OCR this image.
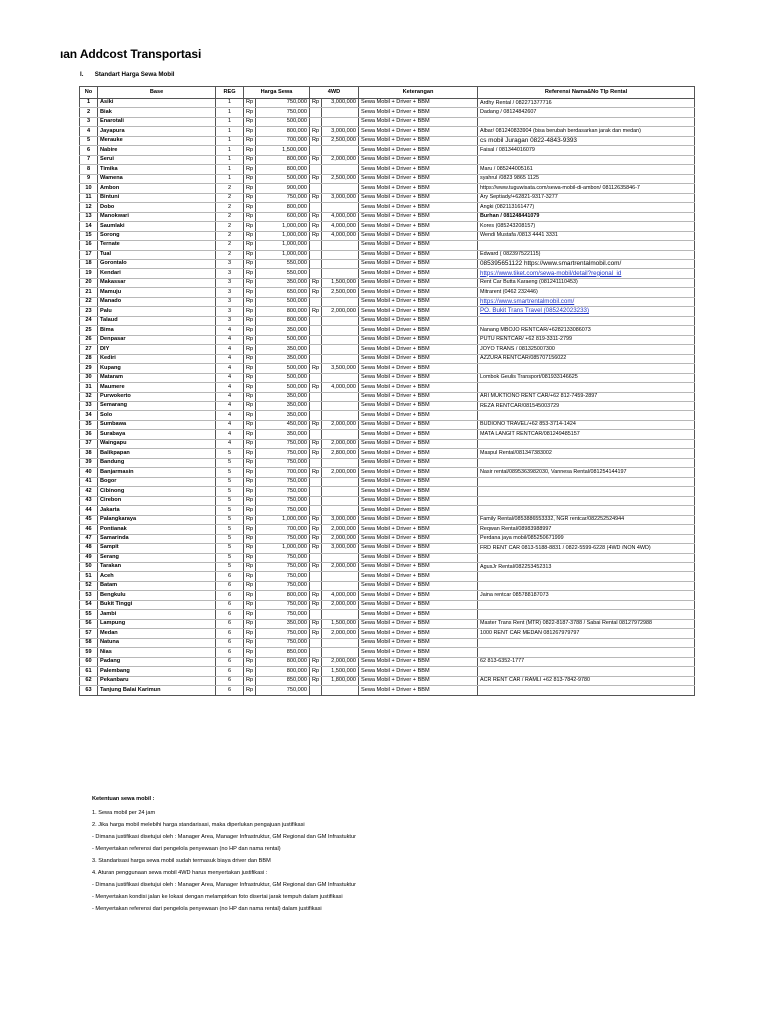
ıan Addcost Transportasi
I. Standart Harga Sewa Mobil
No	Base	REG	Harga Sewa		4WD		Keterangan	Referensi Nama&No Tlp Rental
1	Asiki	1	Rp	750,000	Rp	3,000,000	Sewa Mobil + Driver + BBM	Ardhy Rental / 082271377716
2	Biak	1	Rp	750,000			Sewa Mobil + Driver + BBM	Dadang / 08124842607
3	Enarotali	1	Rp	500,000			Sewa Mobil + Driver + BBM	
4	Jayapura	1	Rp	800,000	Rp	3,000,000	Sewa Mobil + Driver + BBM	Albar/ 081240833904 (bisa berubah berdasarkan jarak dan medan)
5	Merauke	1	Rp	700,000	Rp	2,500,000	Sewa Mobil + Driver + BBM	cs mobil Juragan 0822-4843-9393
6	Nabire	1	Rp	1,500,000			Sewa Mobil + Driver + BBM	Faisal / 081344016079
7	Serui	1	Rp	800,000	Rp	2,000,000	Sewa Mobil + Driver + BBM	
8	Timika	1	Rp	800,000			Sewa Mobil + Driver + BBM	Maru / 085244005161
9	Wamena	1	Rp	500,000	Rp	2,500,000	Sewa Mobil + Driver + BBM	syahrul /0823 9865 1125
10	Ambon	2	Rp	900,000			Sewa Mobil + Driver + BBM	https://www.tuguwisata.com/sewa-mobil-di-ambon/ 08112635846-7
11	Bintuni	2	Rp	750,000	Rp	3,000,000	Sewa Mobil + Driver + BBM	Ary Septiady/+62821-9317-3277
12	Dobo	2	Rp	800,000			Sewa Mobil + Driver + BBM	Angki (082113161477)
13	Manokwari	2	Rp	600,000	Rp	4,000,000	Sewa Mobil + Driver + BBM	Burhan / 081248441079
14	Saumlaki	2	Rp	1,000,000	Rp	4,000,000	Sewa Mobil + Driver + BBM	Kores (085243208157)
15	Sorong	2	Rp	1,000,000	Rp	4,000,000	Sewa Mobil + Driver + BBM	Wendi Mustafa /0813 4441 3331
16	Ternate	2	Rp	1,000,000			Sewa Mobil + Driver + BBM	
17	Tual	2	Rp	1,000,000			Sewa Mobil + Driver + BBM	Edward ( 082397522115)
18	Gorontalo	3	Rp	550,000			Sewa Mobil + Driver + BBM	085395651122 https://www.smartrentalmobil.com/
19	Kendari	3	Rp	550,000			Sewa Mobil + Driver + BBM	https://www.tiket.com/sewa-mobil/detail?regional_id
20	Makassar	3	Rp	350,000	Rp	1,500,000	Sewa Mobil + Driver + BBM	Rent Car Butta Karaeng (081241110453)
21	Mamuju	3	Rp	650,000	Rp	2,500,000	Sewa Mobil + Driver + BBM	Mitrarent (0462 232446)
22	Manado	3	Rp	500,000			Sewa Mobil + Driver + BBM	https://www.smartrentalmobil.com/
23	Palu	3	Rp	800,000	Rp	2,000,000	Sewa Mobil + Driver + BBM	PO. Bukit Trans Travel (085242023233)
24	Talaud	3	Rp	800,000			Sewa Mobil + Driver + BBM	
25	Bima	4	Rp	350,000			Sewa Mobil + Driver + BBM	Nanang MBOJO RENTCAR/+6282133086073
26	Denpasar	4	Rp	500,000			Sewa Mobil + Driver + BBM	PUTU RENTCAR/ +62 819-3311-2799
27	DIY	4	Rp	350,000			Sewa Mobil + Driver + BBM	JOYO TRANS / 081325007300
28	Kediri	4	Rp	350,000			Sewa Mobil + Driver + BBM	AZZURA RENTCAR/085707156022
29	Kupang	4	Rp	500,000	Rp	3,500,000	Sewa Mobil + Driver + BBM	
30	Mataram	4	Rp	500,000			Sewa Mobil + Driver + BBM	Lombok Geulis Transport/081933146625
31	Maumere	4	Rp	500,000	Rp	4,000,000	Sewa Mobil + Driver + BBM	
32	Purwokerto	4	Rp	350,000			Sewa Mobil + Driver + BBM	ARI MUKTIONO RENT CAR/+62 812-7459-2897
33	Semarang	4	Rp	350,000			Sewa Mobil + Driver + BBM	REZA RENTCAR/081545003729
34	Solo	4	Rp	350,000			Sewa Mobil + Driver + BBM	
35	Sumbawa	4	Rp	450,000	Rp	2,000,000	Sewa Mobil + Driver + BBM	BUDIONO TRAVEL/+62 853-3714-1424
36	Surabaya	4	Rp	350,000			Sewa Mobil + Driver + BBM	MATA LANGIT RENTCAR/081249485157
37	Waingapu	4	Rp	750,000	Rp	2,000,000	Sewa Mobil + Driver + BBM	
38	Balikpapan	5	Rp	750,000	Rp	2,800,000	Sewa Mobil + Driver + BBM	Maspul Rental/081347383002
39	Bandung	5	Rp	750,000			Sewa Mobil + Driver + BBM	
40	Banjarmasin	5	Rp	700,000	Rp	2,000,000	Sewa Mobil + Driver + BBM	Nasir rental/0895363982030, Vannesa Rental/081254144197
41	Bogor	5	Rp	750,000			Sewa Mobil + Driver + BBM	
42	Cibinong	5	Rp	750,000			Sewa Mobil + Driver + BBM	
43	Cirebon	5	Rp	750,000			Sewa Mobil + Driver + BBM	
44	Jakarta	5	Rp	750,000			Sewa Mobil + Driver + BBM	
45	Palangkaraya	5	Rp	1,000,000	Rp	3,000,000	Sewa Mobil + Driver + BBM	Family Rental/0853886553332, NGR rentcar/082252524944
46	Pontianak	5	Rp	700,000	Rp	2,000,000	Sewa Mobil + Driver + BBM	Reqwan Rental/08983988997
47	Samarinda	5	Rp	750,000	Rp	2,000,000	Sewa Mobil + Driver + BBM	Perdana jaya mobil/085250671999
48	Sampit	5	Rp	1,000,000	Rp	3,000,000	Sewa Mobil + Driver + BBM	FRD RENT CAR 0813-5188-8831 / 0822-5599-6228 (4WD /NON 4WD)
49	Serang	5	Rp	750,000			Sewa Mobil + Driver + BBM	
50	Tarakan	5	Rp	750,000	Rp	2,000,000	Sewa Mobil + Driver + BBM	AgusJr Rental/082253452313
51	Aceh	6	Rp	750,000			Sewa Mobil + Driver + BBM	
52	Batam	6	Rp	750,000			Sewa Mobil + Driver + BBM	
53	Bengkulu	6	Rp	800,000	Rp	4,000,000	Sewa Mobil + Driver + BBM	Jaina rentcar 085788187073
54	Bukit Tinggi	6	Rp	750,000	Rp	2,000,000	Sewa Mobil + Driver + BBM	
55	Jambi	6	Rp	750,000			Sewa Mobil + Driver + BBM	
56	Lampung	6	Rp	350,000	Rp	1,500,000	Sewa Mobil + Driver + BBM	Master Trans Rent (MTR) 0822-8187-3788 / Sabai Rental 08127972988
57	Medan	6	Rp	750,000	Rp	2,000,000	Sewa Mobil + Driver + BBM	1000 RENT CAR MEDAN 081267979797
58	Natuna	6	Rp	750,000			Sewa Mobil + Driver + BBM	
59	Nias	6	Rp	850,000			Sewa Mobil + Driver + BBM	
60	Padang	6	Rp	800,000	Rp	2,000,000	Sewa Mobil + Driver + BBM	62 813-6352-1777
61	Palembang	6	Rp	800,000	Rp	1,500,000	Sewa Mobil + Driver + BBM	
62	Pekanbaru	6	Rp	850,000	Rp	1,800,000	Sewa Mobil + Driver + BBM	ACR RENT CAR / RAMLI +62 813-7842-9780
63	Tanjung Balai Karimun	6	Rp	750,000			Sewa Mobil + Driver + BBM	
Ketentuan sewa mobil :
1. Sewa mobil per 24 jam
2. Jika harga mobil melebihi harga standarisasi, maka diperlukan pengajuan justifikasi
- Dimana justifikasi disetujui oleh : Manager Area, Manager Infrastruktur, GM Regional dan GM Infrastuktur
- Menyertakan referensi dari pengelola penyewaan (no HP dan nama rental)
3. Standarisasi harga sewa mobil sudah termasuk biaya driver dan BBM
4. Aturan penggunaan sewa mobil 4WD harus menyertakan justifikasi :
- Dimana justifikasi disetujui oleh : Manager Area, Manager Infrastruktur, GM Regional dan GM Infrastuktur
- Menyertakan kondisi jalan ke lokasi dengan melampirkan foto disertai jarak tempuh dalam justifikasi
- Menyertakan referensi dari pengelola penyewaan (no HP dan nama rental) dalam justifikasi
